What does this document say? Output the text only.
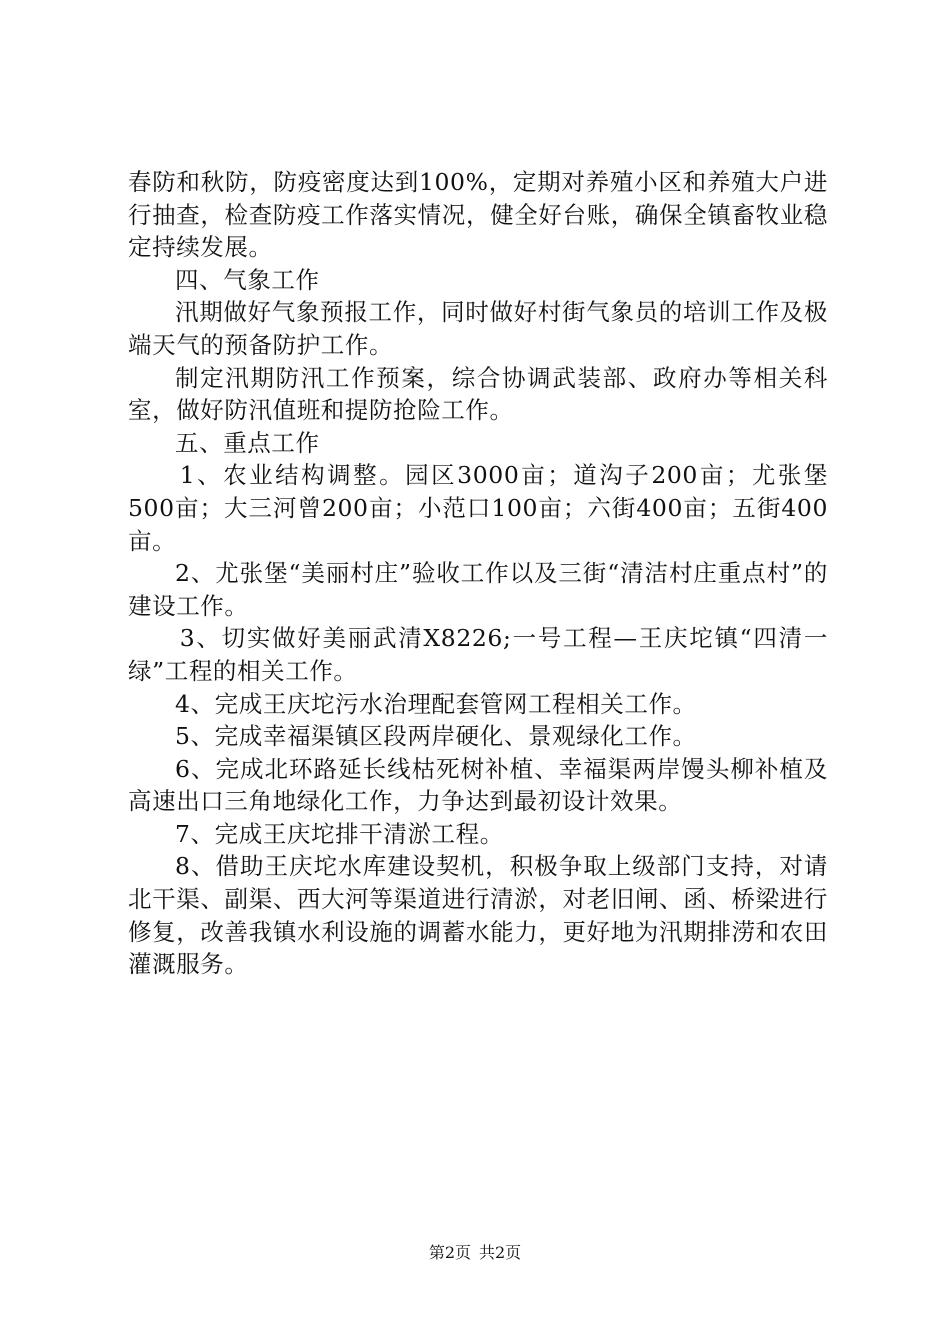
春防和秋防，防疫密度达到100%，定期对养殖小区和养殖大户进行抽查，检查防疫工作落实情况，健全好台账，确保全镇畜牧业稳定持续发展。

四、气象工作

汛期做好气象预报工作，同时做好村街气象员的培训工作及极端天气的预备防护工作。

制定汛期防汛工作预案，综合协调武装部、政府办等相关科室，做好防汛值班和提防抢险工作。

五、重点工作

1、农业结构调整。园区3000亩；道沟子200亩；尤张堡500亩；大三河曾200亩；小范口100亩；六街400亩；五街400亩。

2、尤张堡“美丽村庄”验收工作以及三街“清洁村庄重点村”的建设工作。

3、切实做好美丽武清X8226;一号工程—王庆坨镇“四清一绿”工程的相关工作。

4、完成王庆坨污水治理配套管网工程相关工作。

5、完成幸福渠镇区段两岸硬化、景观绿化工作。

6、完成北环路延长线枯死树补植、幸福渠两岸馒头柳补植及高速出口三角地绿化工作，力争达到最初设计效果。

7、完成王庆坨排干清淤工程。

8、借助王庆坨水库建设契机，积极争取上级部门支持，对请北干渠、副渠、西大河等渠道进行清淤，对老旧闸、函、桥梁进行修复，改善我镇水利设施的调蓄水能力，更好地为汛期排涝和农田灌溉服务。

第2页 共2页
